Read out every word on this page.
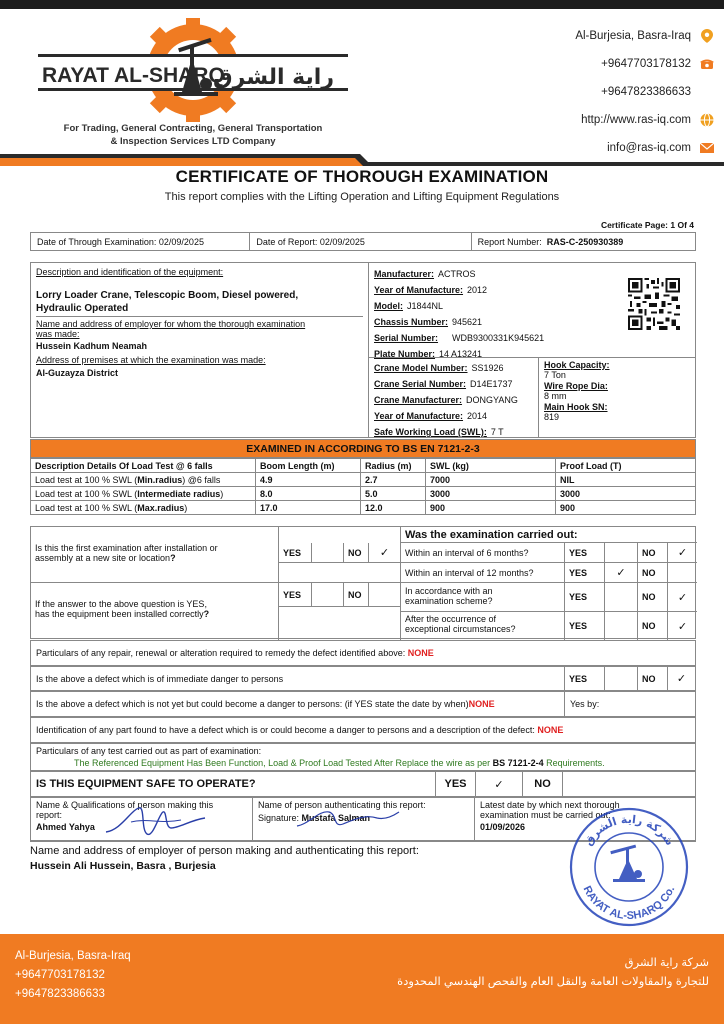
RAYAT AL-SHARQ
راية الشرق
For Trading, General Contracting, General Transportation
& Inspection Services LTD Company
Al-Burjesia, Basra-Iraq
+9647703178132
+9647823386633
http://www.ras-iq.com
info@ras-iq.com
CERTIFICATE OF THOROUGH EXAMINATION
This report complies with the Lifting Operation and Lifting Equipment Regulations
Certificate Page: 1 Of 4
Date of Through Examination: 02/09/2025	Date of Report: 02/09/2025	Report Number:
RAS-C-250930389
Description and identification of the equipment:
Lorry Loader Crane, Telescopic Boom, Diesel powered,
Hydraulic Operated
Name and address of employer for whom the thorough examination
was made:
Hussein Kadhum Neamah
Address of premises at which the examination was made:
Al-Guzayza District
Manufacturer: ACTROS
Year of Manufacture: 2012
Model: J1844NL
Chassis Number: 945621
Serial Number: WDB9300331K945621
Plate Number: 14 A13241
Crane Model Number: SS1926
Crane Serial Number: D14E1737
Crane Manufacturer: DONGYANG
Year of Manufacture: 2014
Safe Working Load (SWL): 7 T
Hook Capacity:
7 Ton
Wire Rope Dia:
8 mm
Main Hook SN:
819
EXAMINED IN ACCORDING TO BS EN 7121-2-3
Description Details Of Load Test @ 6 falls	Boom Length (m)	Radius (m)	SWL (kg)	Proof Load (T)
Load test at 100 % SWL (Min.radius) @6 falls	4.9	2.7	7000	NIL
Load test at 100 % SWL (Intermediate radius)	8.0	5.0	3000	3000
Load test at 100 % SWL (Max.radius)	17.0	12.0	900	900
Is this the first examination after installation or
assembly at a new site or location?
YES	NO	✓
If the answer to the above question is YES,
has the equipment been installed correctly?
YES	NO
Was the examination carried out:
Within an interval of 6 months?	YES	NO	✓
Within an interval of 12 months?	YES	✓	NO
In accordance with an
examination scheme?	YES	NO	✓
After the occurrence of
exceptional circumstances?	YES	NO	✓
Particulars of any repair, renewal or alteration required to remedy the defect identified above: NONE
Is the above a defect which is of immediate danger to persons	YES	NO	✓
Is the above a defect which is not yet but could become a danger to persons: (if YES state the date by when) NONE	Yes by:
Identification of any part found to have a defect which is or could become a danger to persons and a description of the defect: NONE
Particulars of any test carried out as part of examination:
The Referenced Equipment Has Been Function, Load & Proof Load Tested After Replace the wire as per BS 7121-2-4 Requirements.
IS THIS EQUIPMENT SAFE TO OPERATE?	YES	✓	NO
Name & Qualifications of person making this
report:
Ahmed Yahya
Name of person authenticating this report:
Signature: Mustafa Salman
Latest date by which next thorough
examination must be carried out:
01/09/2026
Name and address of employer of person making and authenticating this report:
Hussein Ali Hussein, Basra , Burjesia
شركة راية الشرق
RAYAT AL-SHARQ Co.
Al-Burjesia, Basra-Iraq
+9647703178132
+9647823386633
شركة راية الشرق
للتجارة والمقاولات العامة والنقل العام والفحص الهندسي المحدودة
